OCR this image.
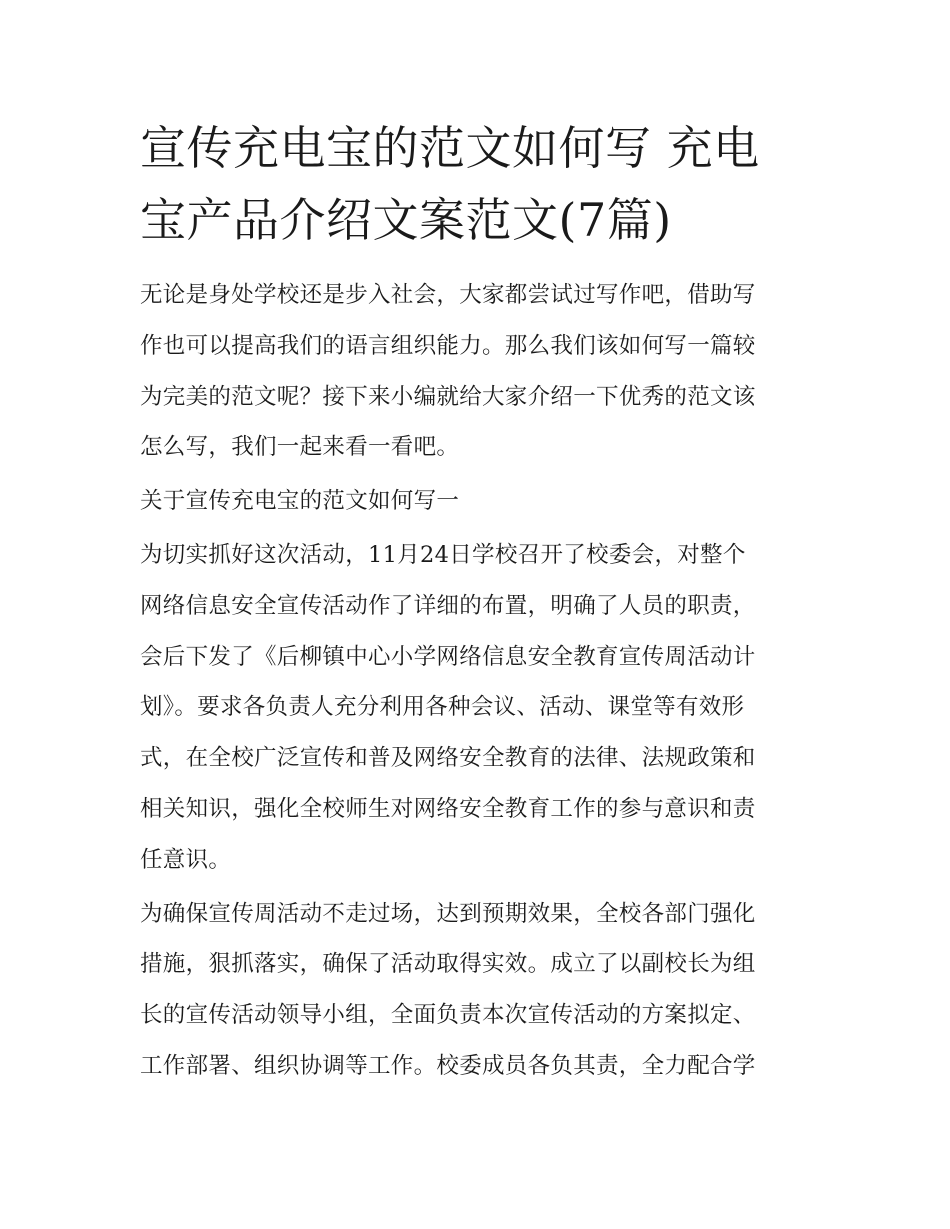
宣传充电宝的范文如何写 充电
宝产品介绍文案范文(7篇)

无论是身处学校还是步入社会，大家都尝试过写作吧，借助写
作也可以提高我们的语言组织能力。那么我们该如何写一篇较
为完美的范文呢？接下来小编就给大家介绍一下优秀的范文该
怎么写，我们一起来看一看吧。

关于宣传充电宝的范文如何写一

为切实抓好这次活动，11月24日学校召开了校委会，对整个
网络信息安全宣传活动作了详细的布置，明确了人员的职责，
会后下发了《后柳镇中心小学网络信息安全教育宣传周活动计
划》。要求各负责人充分利用各种会议、活动、课堂等有效形
式，在全校广泛宣传和普及网络安全教育的法律、法规政策和
相关知识，强化全校师生对网络安全教育工作的参与意识和责
任意识。

为确保宣传周活动不走过场，达到预期效果，全校各部门强化
措施，狠抓落实，确保了活动取得实效。成立了以副校长为组
长的宣传活动领导小组，全面负责本次宣传活动的方案拟定、
工作部署、组织协调等工作。校委成员各负其责，全力配合学
